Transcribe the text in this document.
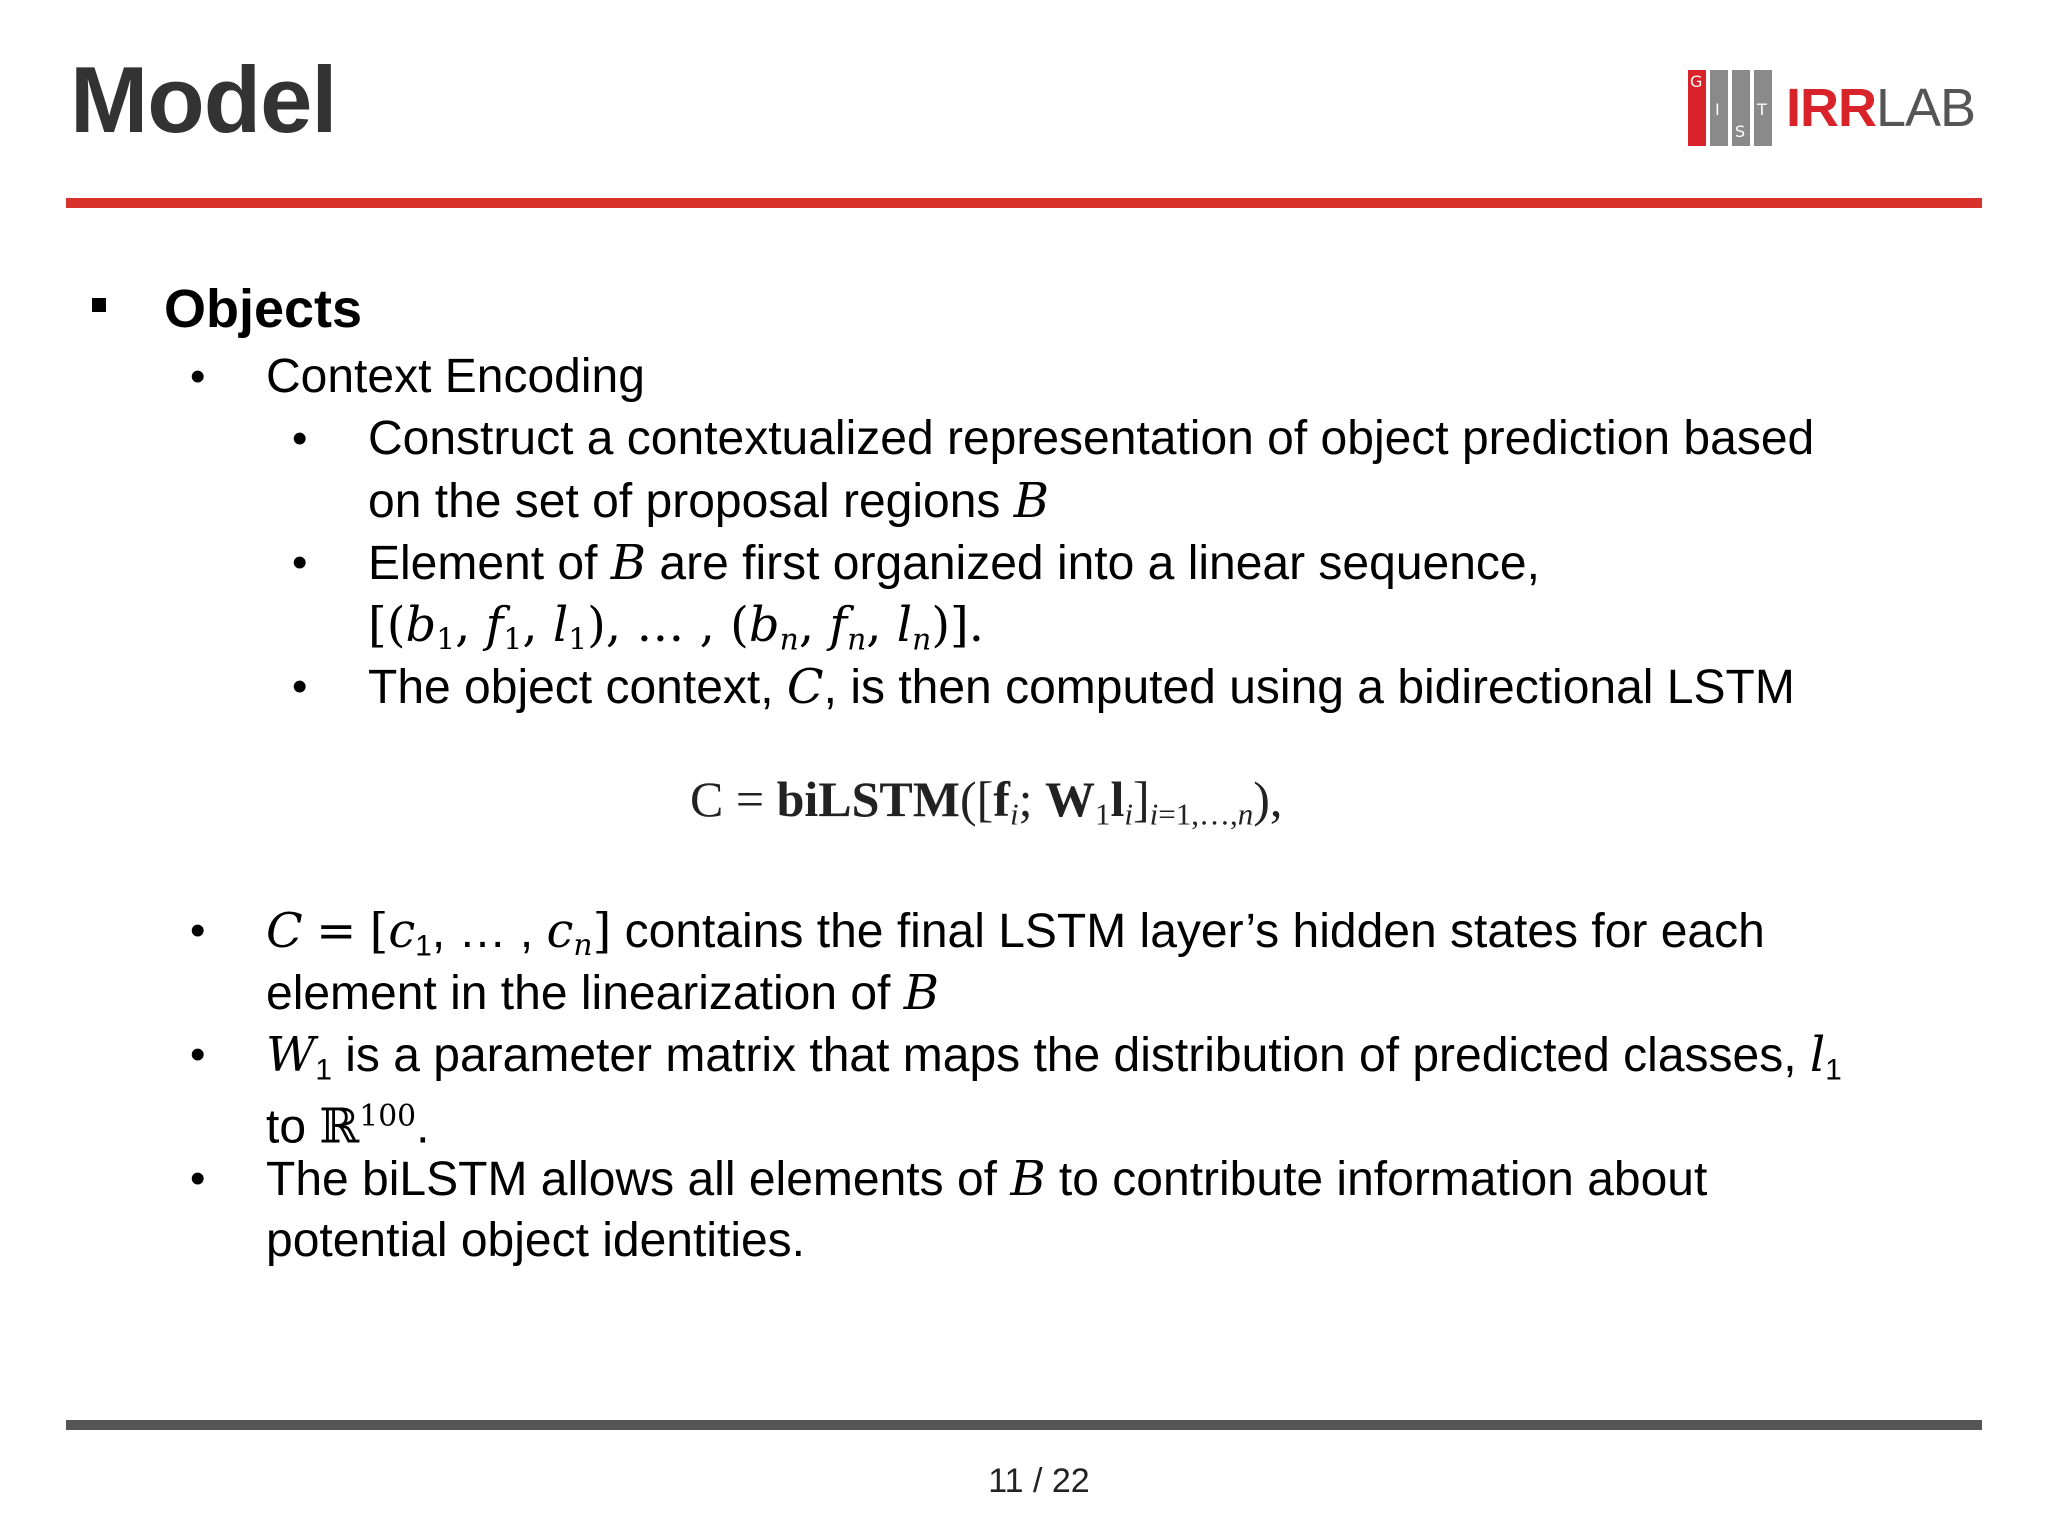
Model	G
I
S
T IRRLAB
Objects
• Context Encoding
• Construct a contextualized representation of object prediction based
on the set of proposal regions B
• Element of B are first organized into a linear sequence,
[($b_1$, $f_1$, $l_1$), … , ($b_n$, $f_n$, $l_n$)].
• The object context, C, is then computed using a bidirectional LSTM
$C = biLSTM([f_i$; $W_1l_i]_{i=1,\dots,n}$),
• $C = [c_1$, … , $c_n$] contains the final LSTM layer’s hidden states for each
element in the linearization of B
• $W_1$ is a parameter matrix that maps the distribution of predicted classes, $l_1$
to ℝ$^{100}$.
• The biLSTM allows all elements of B to contribute information about
potential object identities.
11 / 22
